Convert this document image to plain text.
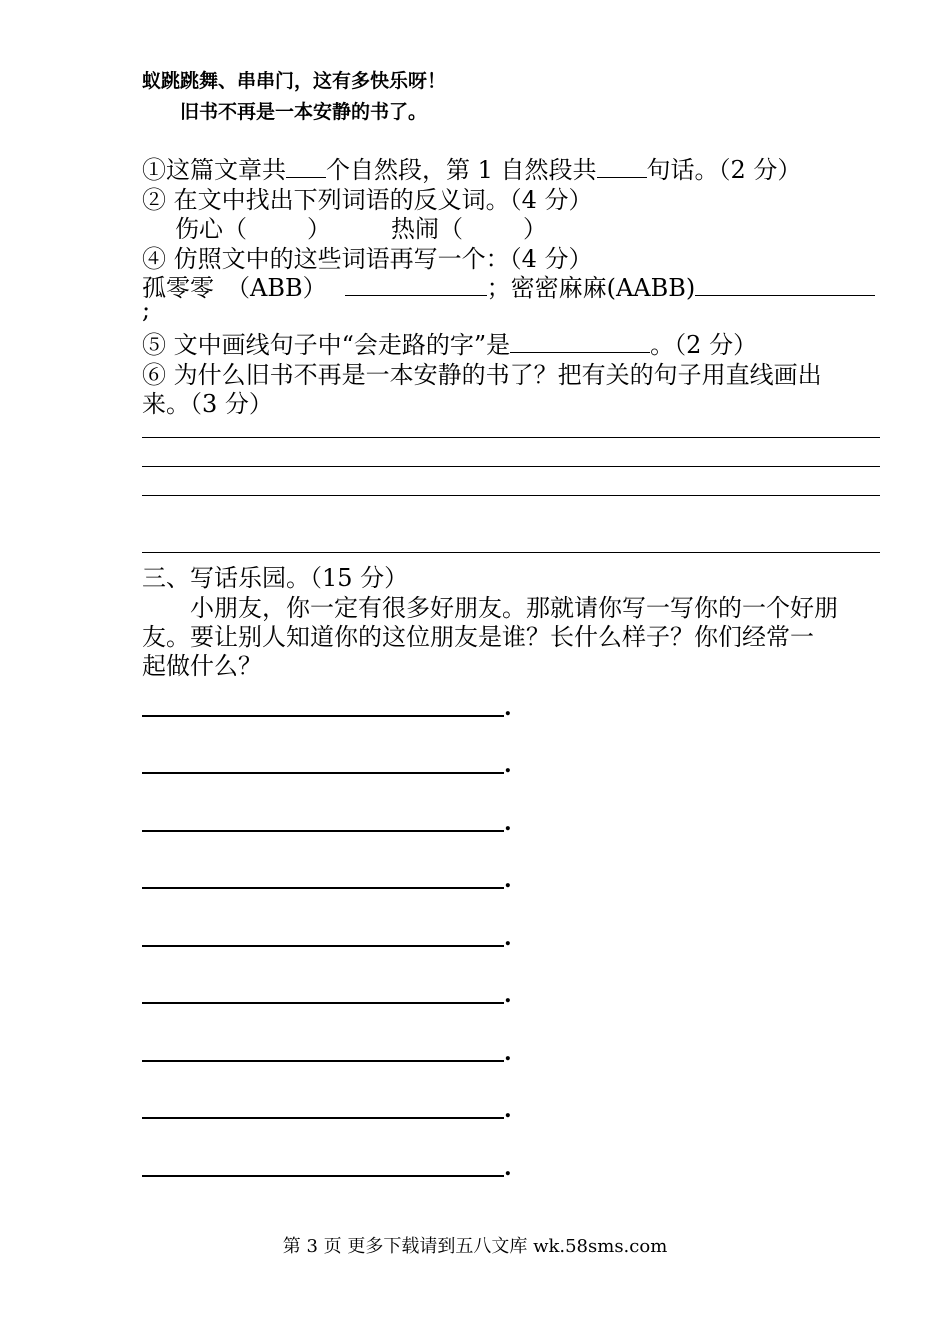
蚁跳跳舞、串串门，这有多快乐呀！
旧书不再是一本安静的书了。
①这篇文章共 个自然段，第 1 自然段共 句话。（2 分）
② 在文中找出下列词语的反义词。（4 分）
伤心（	）	热闹（	）
④ 仿照文中的这些词语再写一个：（4 分）
孤零零　（ABB）	；密密麻麻(AABB)
;
⑤ 文中画线句子中“会走路的字”是	。（2 分）
⑥ 为什么旧书不再是一本安静的书了？把有关的句子用直线画出
来。（3 分）
三、写话乐园。（15 分）
　　小朋友，你一定有很多好朋友。那就请你写一写你的一个好朋
友。要让别人知道你的这位朋友是谁？长什么样子？你们经常一
起做什么？
.
.
.
.
.
.
.
.
.
第 3 页 更多下载请到五八文库 wk.58sms.com
